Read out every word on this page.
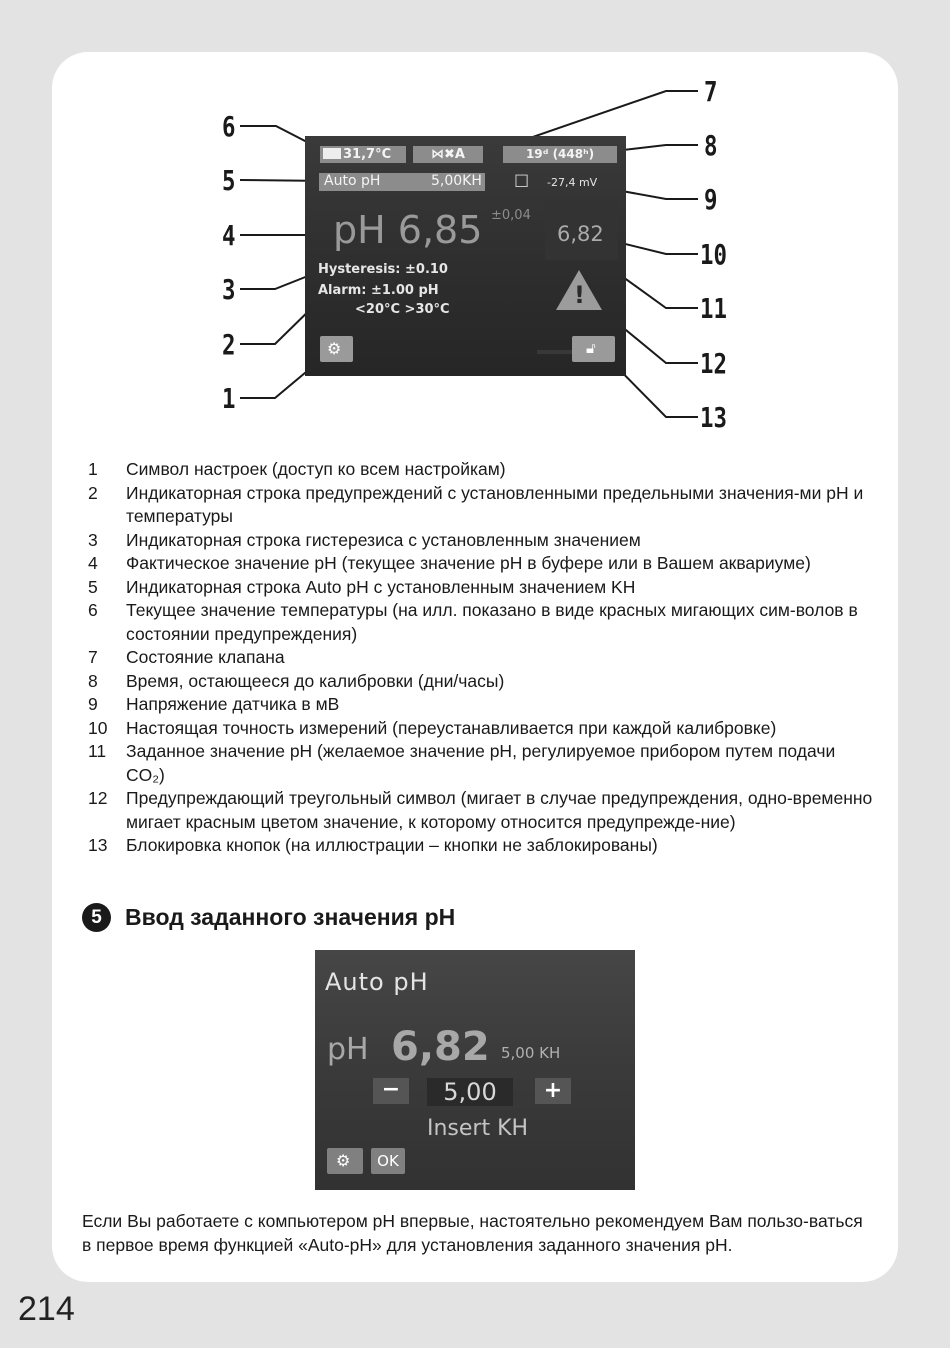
6
5
4
3
2
1
7
8
9
10
11
12
13
31,7°C	⋈✖A	19ᵈ (448ʰ)
Auto pH	5,00KH ☐ -27,4 mV
pH 6,85 ±0,04
6,82
Hysteresis: ±0.10
Alarm: ±1.00 pH
<20°C >30°C
!
⚙	🔓︎
1	Символ настроек (доступ ко всем настройкам)
2	Индикаторная строка предупреждений с установленными предельными значения-ми pH и температуры
3	Индикаторная строка гистерезиса с установленным значением
4	Фактическое значение pH (текущее значение pH в буфере или в Вашем аквариуме)
5	Индикаторная строка Auto pH с установленным значением KH
6	Текущее значение температуры (на илл. показано в виде красных мигающих сим-волов в состоянии предупреждения)
7	Состояние клапана
8	Время, остающееся до калибровки (дни/часы)
9	Напряжение датчика в мВ
10	Настоящая точность измерений (переустанавливается при каждой калибровке)
11	Заданное значение pH (желаемое значение pH, регулируемое прибором путем подачи CO₂)
12	Предупреждающий треугольный символ (мигает в случае предупреждения, одно-временно мигает красным цветом значение, к которому относится предупрежде-ние)
13	Блокировка кнопок (на иллюстрации – кнопки не заблокированы)
5	Ввод заданного значения pH
Auto pH
pH 6,82 5,00 KH
−	5,00	+
Insert KH
⚙	OK
Если Вы работаете с компьютером pH впервые, настоятельно рекомендуем Вам пользо-ваться в первое время функцией «Auto-pH» для установления заданного значения pH.
214
